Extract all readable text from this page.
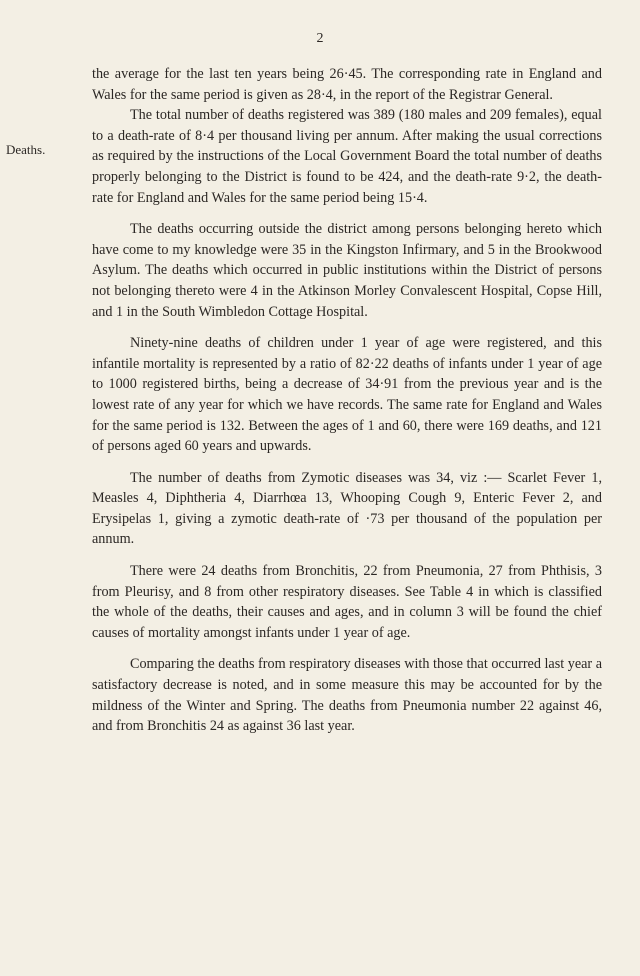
2
Deaths.

the average for the last ten years being 26·45. The corresponding rate in England and Wales for the same period is given as 28·4, in the report of the Registrar General.

The total number of deaths registered was 389 (180 males and 209 females), equal to a death-rate of 8·4 per thousand living per annum. After making the usual corrections as required by the instructions of the Local Government Board the total number of deaths properly belonging to the District is found to be 424, and the death-rate 9·2, the death-rate for England and Wales for the same period being 15·4.

The deaths occurring outside the district among persons belonging hereto which have come to my knowledge were 35 in the Kingston Infirmary, and 5 in the Brookwood Asylum. The deaths which occurred in public institutions within the District of persons not belonging thereto were 4 in the Atkinson Morley Convalescent Hospital, Copse Hill, and 1 in the South Wimbledon Cottage Hospital.

Ninety-nine deaths of children under 1 year of age were registered, and this infantile mortality is represented by a ratio of 82·22 deaths of infants under 1 year of age to 1000 registered births, being a decrease of 34·91 from the previous year and is the lowest rate of any year for which we have records. The same rate for England and Wales for the same period is 132. Between the ages of 1 and 60, there were 169 deaths, and 121 of persons aged 60 years and upwards.

The number of deaths from Zymotic diseases was 34, viz :— Scarlet Fever 1, Measles 4, Diphtheria 4, Diarrhœa 13, Whooping Cough 9, Enteric Fever 2, and Erysipelas 1, giving a zymotic death-rate of ·73 per thousand of the population per annum.

There were 24 deaths from Bronchitis, 22 from Pneumonia, 27 from Phthisis, 3 from Pleurisy, and 8 from other respiratory diseases. See Table 4 in which is classified the whole of the deaths, their causes and ages, and in column 3 will be found the chief causes of mortality amongst infants under 1 year of age.

Comparing the deaths from respiratory diseases with those that occurred last year a satisfactory decrease is noted, and in some measure this may be accounted for by the mildness of the Winter and Spring. The deaths from Pneumonia number 22 against 46, and from Bronchitis 24 as against 36 last year.
